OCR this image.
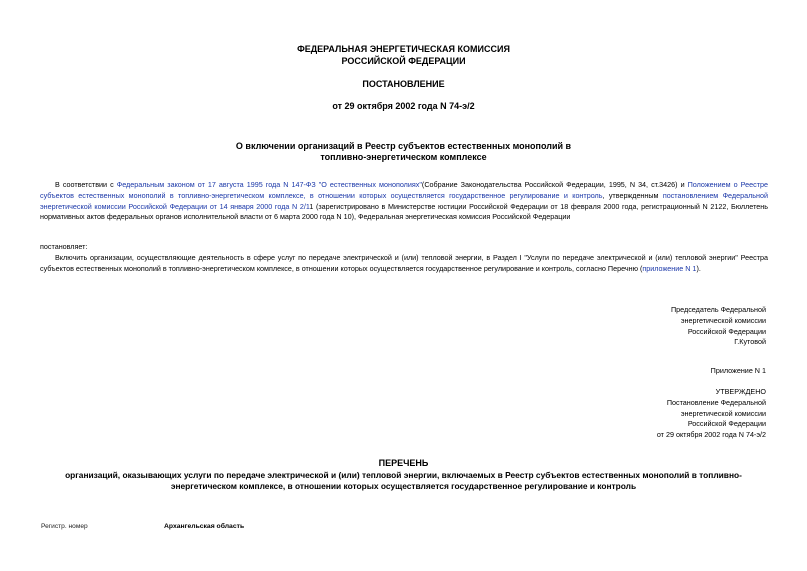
ФЕДЕРАЛЬНАЯ ЭНЕРГЕТИЧЕСКАЯ КОМИССИЯ
РОССИЙСКОЙ ФЕДЕРАЦИИ
ПОСТАНОВЛЕНИЕ
от 29 октября 2002 года N 74-э/2
О включении организаций в Реестр субъектов естественных монополий в
топливно-энергетическом комплексе
В соответствии с Федеральным законом от 17 августа 1995 года N 147-ФЗ "О естественных монополиях"(Собрание Законодательства Российской Федерации, 1995, N 34, ст.3426) и Положением о Реестре субъектов естественных монополий в топливно-энергетическом комплексе, в отношении которых осуществляется государственное регулирование и контроль, утвержденным постановлением Федеральной энергетической комиссии Российской Федерации от 14 января 2000 года N 2/11 (зарегистрировано в Министерстве юстиции Российской Федерации от 18 февраля 2000 года, регистрационный N 2122, Бюллетень нормативных актов федеральных органов исполнительной власти от 6 марта 2000 года N 10), Федеральная энергетическая комиссия Российской Федерации
постановляет:
Включить организации, осуществляющие деятельность в сфере услуг по передаче электрической и (или) тепловой энергии, в Раздел I "Услуги по передаче электрической и (или) тепловой энергии" Реестра субъектов естественных монополий в топливно-энергетическом комплексе, в отношении которых осуществляется государственное регулирование и контроль, согласно Перечню (приложение N 1).
Председатель Федеральной
энергетической комиссии
Российской Федерации
Г.Кутовой
Приложение N 1
УТВЕРЖДЕНО
Постановление Федеральной
энергетической комиссии
Российской Федерации
от 29 октября 2002 года N 74-э/2
ПЕРЕЧЕНЬ
организаций, оказывающих услуги по передаче электрической и (или) тепловой энергии, включаемых в Реестр субъектов естественных монополий в топливно-
энергетическом комплексе, в отношении которых осуществляется государственное регулирование и контроль
Регистр. номер	Архангельская область
